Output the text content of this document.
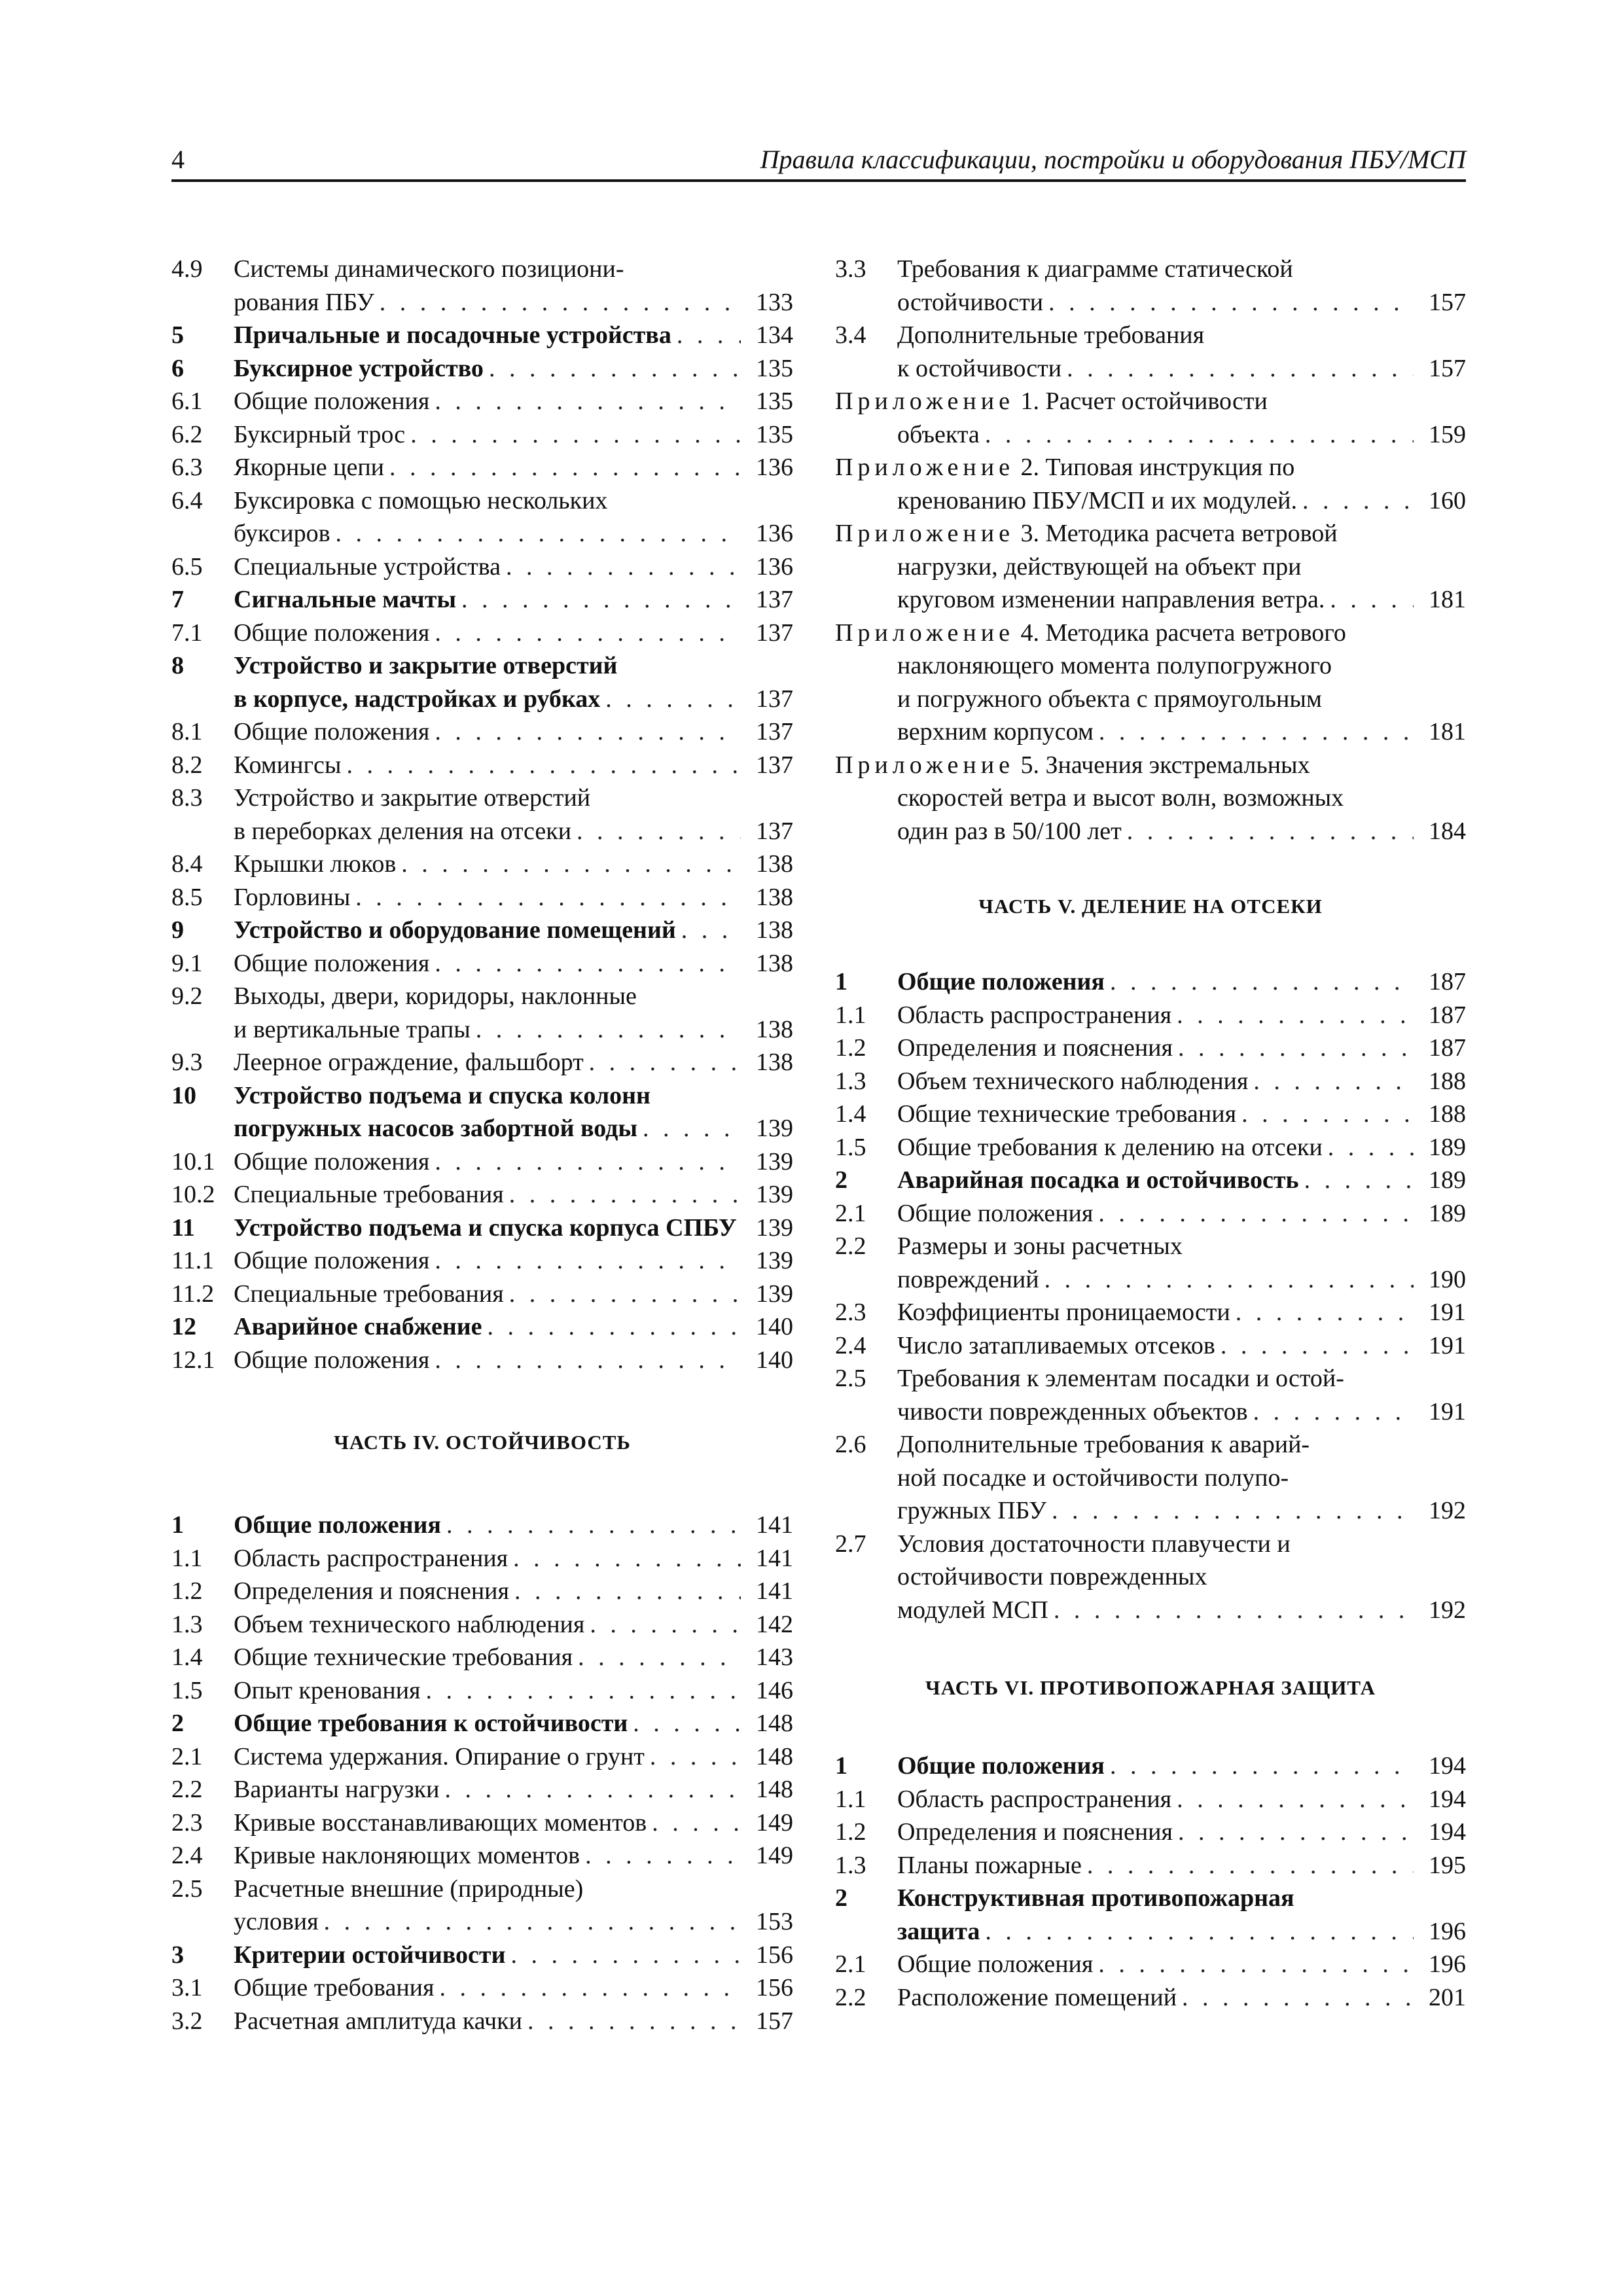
4	Правила классификации, постройки и оборудования ПБУ/МСП
4.9	Системы динамического позициони-
рования ПБУ . . .	133
5	Причальные и посадочные устройства . . .	134
6	Буксирное устройство . . .	135
6.1	Общие положения . . .	135
6.2	Буксирный трос . . .	135
6.3	Якорные цепи . . .	136
6.4	Буксировка с помощью нескольких
буксиров . . .	136
6.5	Специальные устройства . . .	136
7	Сигнальные мачты . . .	137
7.1	Общие положения . . .	137
8	Устройство и закрытие отверстий
в корпусе, надстройках и рубках . . .	137
8.1	Общие положения . . .	137
8.2	Комингсы . . .	137
8.3	Устройство и закрытие отверстий
в переборках деления на отсеки . . .	137
8.4	Крышки люков . . .	138
8.5	Горловины . . .	138
9	Устройство и оборудование помещений . . .	138
9.1	Общие положения . . .	138
9.2	Выходы, двери, коридоры, наклонные
и вертикальные трапы . . .	138
9.3	Леерное ограждение, фальшборт . . .	138
10	Устройство подъема и спуска колонн
погружных насосов забортной воды . . .	139
10.1 Общие положения . . .	139
10.2 Специальные требования . . .	139
11	Устройство подъема и спуска корпуса СПБУ . . . 139
11.1 Общие положения . . .	139
11.2 Специальные требования . . .	139
12	Аварийное снабжение . . .	140
12.1 Общие положения . . .	140
ЧАСТЬ IV. ОСТОЙЧИВОСТЬ
1	Общие положения . . .	141
1.1	Область распространения . . .	141
1.2	Определения и пояснения . . .	141
1.3	Объем технического наблюдения . . .	142
1.4	Общие технические требования . . .	143
1.5	Опыт кренования . . .	146
2	Общие требования к остойчивости . . .	148
2.1	Система удержания. Опирание о грунт . . .	148
2.2	Варианты нагрузки . . .	148
2.3	Кривые восстанавливающих моментов . . .	149
2.4	Кривые наклоняющих моментов . . .	149
2.5	Расчетные внешние (природные)
условия . . .	153
3	Критерии остойчивости . . .	156
3.1	Общие требования . . .	156
3.2	Расчетная амплитуда качки . . .	157
3.3	Требования к диаграмме статической
остойчивости . . .	157
3.4	Дополнительные требования
к остойчивости . . .	157
Приложение 1. Расчет остойчивости
объекта . . .	159
Приложение 2. Типовая инструкция по
кренованию ПБУ/МСП и их модулей. . . .	160
Приложение 3. Методика расчета ветровой
нагрузки, действующей на объект при
круговом изменении направления ветра. . . .	181
Приложение 4. Методика расчета ветрового
наклоняющего момента полупогружного
и погружного объекта с прямоугольным
верхним корпусом . . .	181
Приложение 5. Значения экстремальных
скоростей ветра и высот волн, возможных
один раз в 50/100 лет . . .	184
ЧАСТЬ V. ДЕЛЕНИЕ НА ОТСЕКИ
1	Общие положения . . .	187
1.1	Область распространения . . .	187
1.2	Определения и пояснения . . .	187
1.3	Объем технического наблюдения . . .	188
1.4	Общие технические требования . . .	188
1.5	Общие требования к делению на отсеки . . .	189
2	Аварийная посадка и остойчивость . . .	189
2.1	Общие положения . . .	189
2.2	Размеры и зоны расчетных
повреждений . . .	190
2.3	Коэффициенты проницаемости . . .	191
2.4	Число затапливаемых отсеков . . .	191
2.5	Требования к элементам посадки и остой-
чивости поврежденных объектов . . .	191
2.6	Дополнительные требования к аварий-
ной посадке и остойчивости полупо-
гружных ПБУ . . .	192
2.7	Условия достаточности плавучести и
остойчивости поврежденных
модулей МСП . . .	192
ЧАСТЬ VI. ПРОТИВОПОЖАРНАЯ ЗАЩИТА
1	Общие положения . . .	194
1.1	Область распространения . . .	194
1.2	Определения и пояснения . . .	194
1.3	Планы пожарные . . .	195
2	Конструктивная противопожарная
защита . . .	196
2.1	Общие положения . . .	196
2.2	Расположение помещений . . .	201
